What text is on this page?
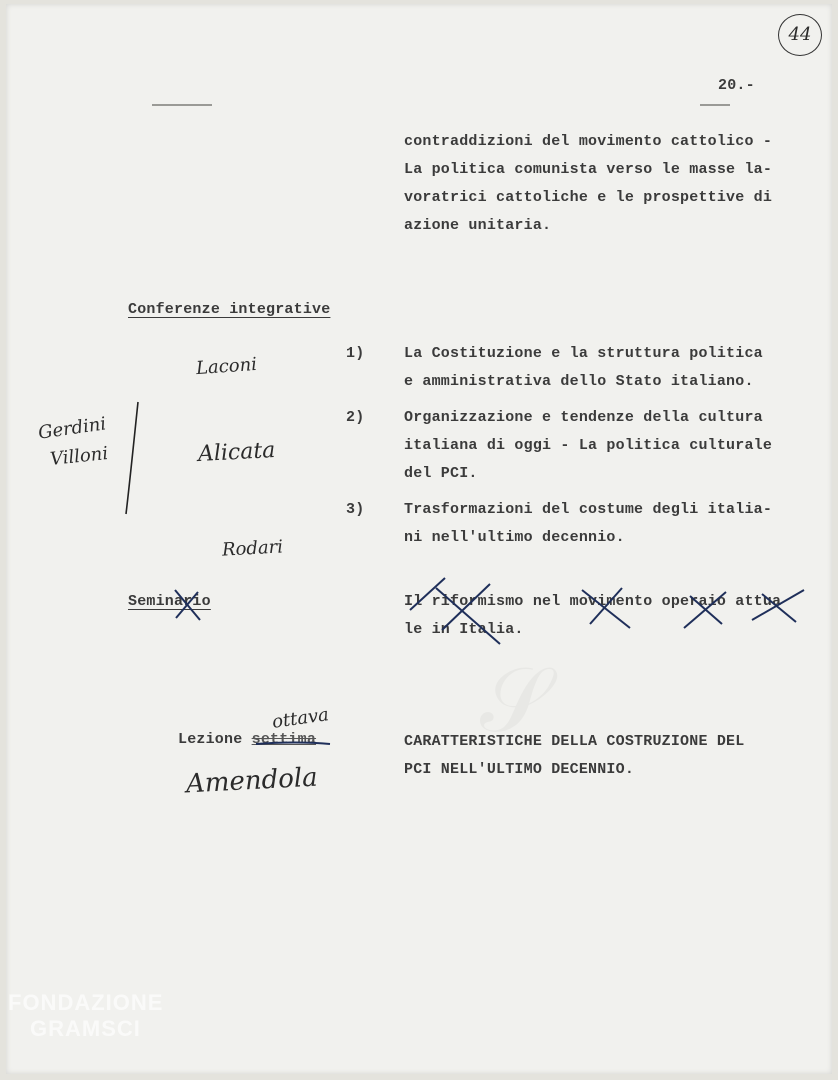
44
20.-
contraddizioni del movimento cattolico -
La politica comunista verso le masse la-
voratrici cattoliche e le prospettive di
azione unitaria.
Conferenze integrative
1)	La Costituzione e la struttura politica
e amministrativa dello Stato italiano.
Laconi
2)	Organizzazione e tendenze della cultura
italiana di oggi - La politica culturale
del PCI.
Alicata
3)	Trasformazioni del costume degli italia-
ni nell'ultimo decennio.
Rodari
Gerdini
Villoni
Seminario	Il riformismo nel movimento operaio attua
le in Italia.
Lezione settima
ottava
Amendola
CARATTERISTICHE DELLA COSTRUZIONE DEL
PCI NELL'ULTIMO DECENNIO.
FONDAZIONE
GRAMSCI
